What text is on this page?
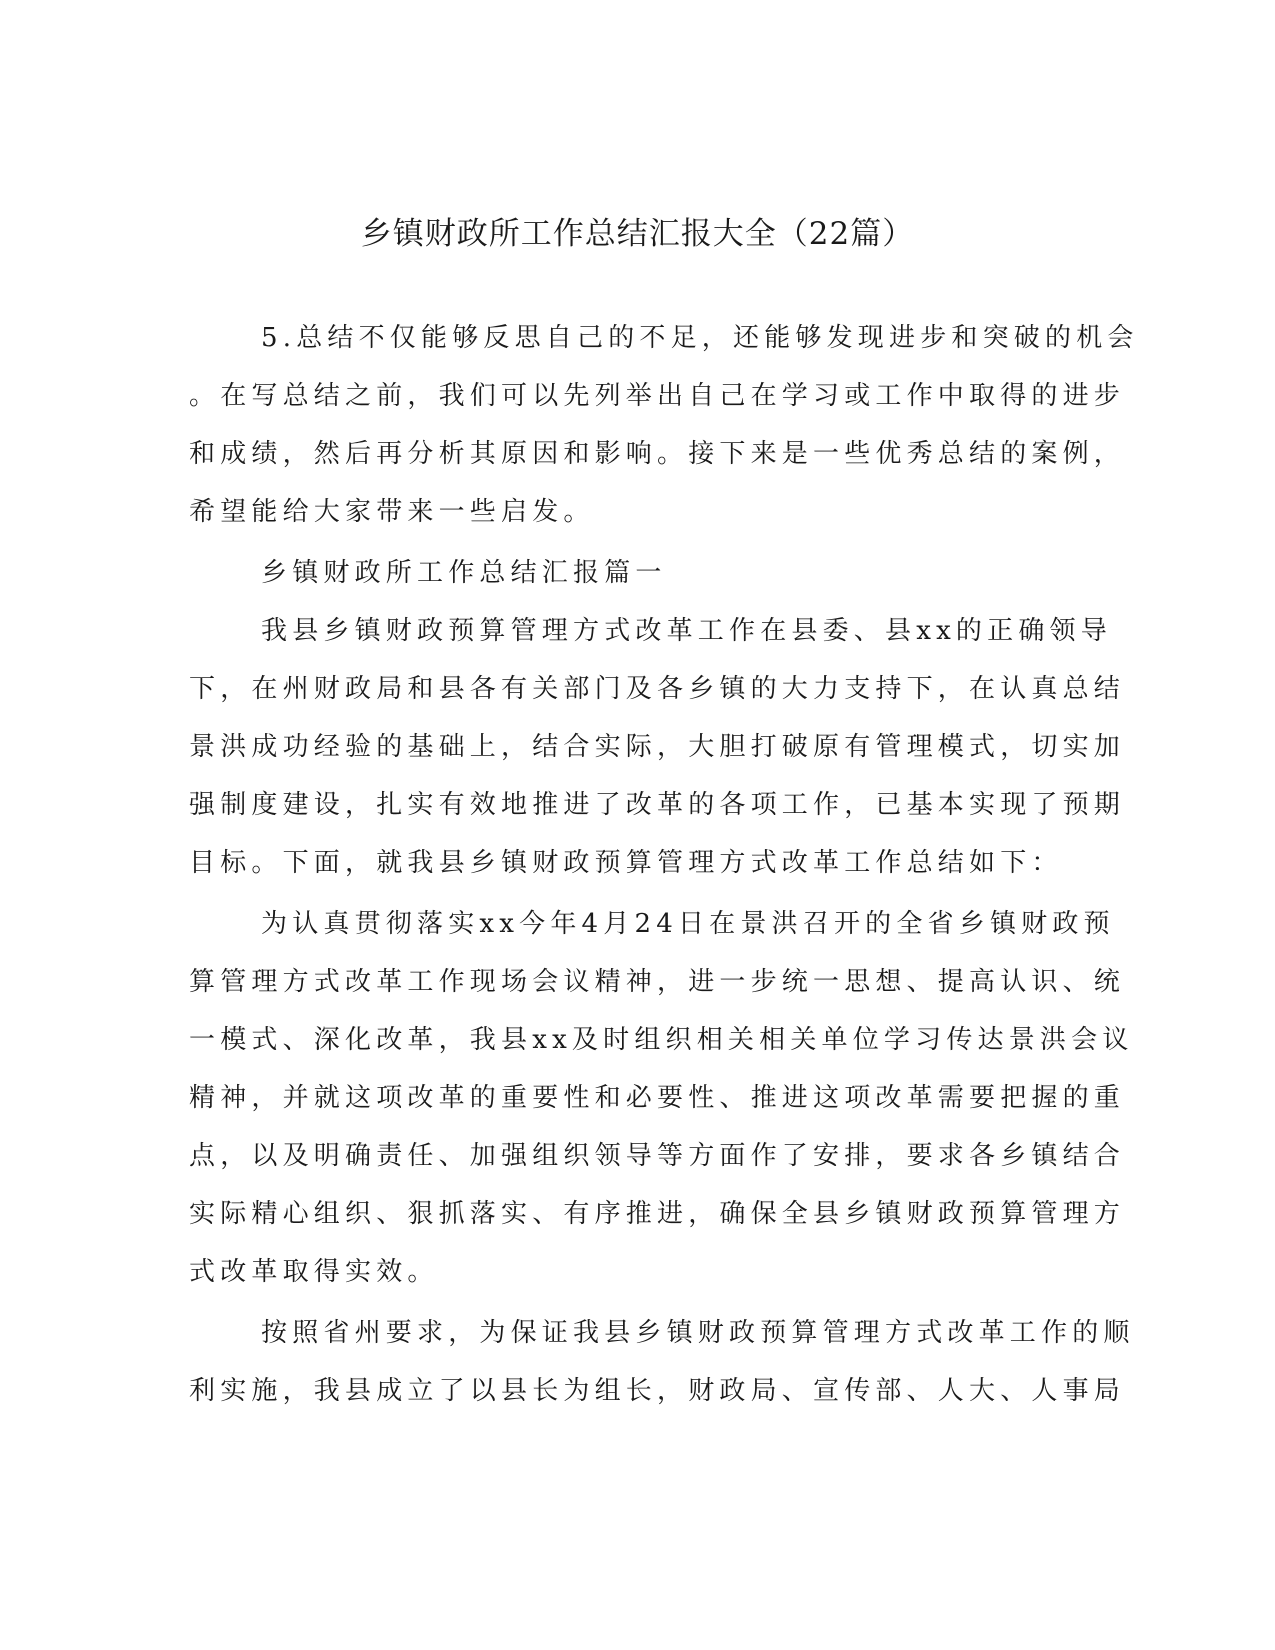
乡镇财政所工作总结汇报大全（22篇）

5.总结不仅能够反思自己的不足，还能够发现进步和突破的机会

。在写总结之前，我们可以先列举出自己在学习或工作中取得的进步

和成绩，然后再分析其原因和影响。接下来是一些优秀总结的案例，

希望能给大家带来一些启发。

乡镇财政所工作总结汇报篇一

我县乡镇财政预算管理方式改革工作在县委、县xx的正确领导

下，在州财政局和县各有关部门及各乡镇的大力支持下，在认真总结

景洪成功经验的基础上，结合实际，大胆打破原有管理模式，切实加

强制度建设，扎实有效地推进了改革的各项工作，已基本实现了预期

目标。下面，就我县乡镇财政预算管理方式改革工作总结如下：

为认真贯彻落实xx今年4月24日在景洪召开的全省乡镇财政预

算管理方式改革工作现场会议精神，进一步统一思想、提高认识、统

一模式、深化改革，我县xx及时组织相关相关单位学习传达景洪会议

精神，并就这项改革的重要性和必要性、推进这项改革需要把握的重

点，以及明确责任、加强组织领导等方面作了安排，要求各乡镇结合

实际精心组织、狠抓落实、有序推进，确保全县乡镇财政预算管理方

式改革取得实效。

按照省州要求，为保证我县乡镇财政预算管理方式改革工作的顺

利实施，我县成立了以县长为组长，财政局、宣传部、人大、人事局
